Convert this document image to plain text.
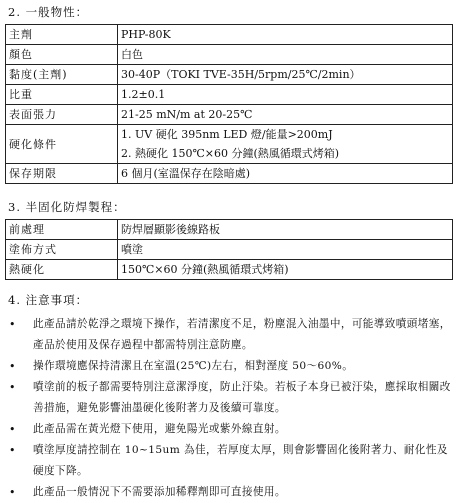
2. 一般物性：
主劑	PHP-80K
顏色	白色
黏度(主劑)	30-40P（TOKI TVE-35H/5rpm/25℃/2min）
比重	1.2±0.1
表面張力	21-25 mN/m at 20-25℃
硬化條件	1. UV 硬化 395nm LED 燈/能量>200mJ
2. 熱硬化 150℃×60 分鐘(熱風循環式烤箱)

保存期限	6 個月(室溫保存在陰暗處)
3. 半固化防焊製程：
前處理	防焊層顯影後線路板
塗佈方式	噴塗
熱硬化	150℃×60 分鐘(熱風循環式烤箱)
4. 注意事項：
• 此產品請於乾淨之環境下操作，若清潔度不足，粉塵混入油墨中，可能導致噴頭堵塞，產品於使用及保存過程中都需特別注意防塵。
• 操作環境應保持清潔且在室溫(25℃)左右，相對溼度 50～60%。
• 噴塗前的板子都需要特別注意潔淨度，防止汙染。若板子本身已被汙染，應採取相關改善措施，避免影響油墨硬化後附著力及後續可靠度。
• 此產品需在黃光燈下使用，避免陽光或紫外線直射。
• 噴塗厚度請控制在 10~15um 為佳，若厚度太厚，則會影響固化後附著力、耐化性及硬度下降。
• 此產品一般情況下不需要添加稀釋劑即可直接使用。
